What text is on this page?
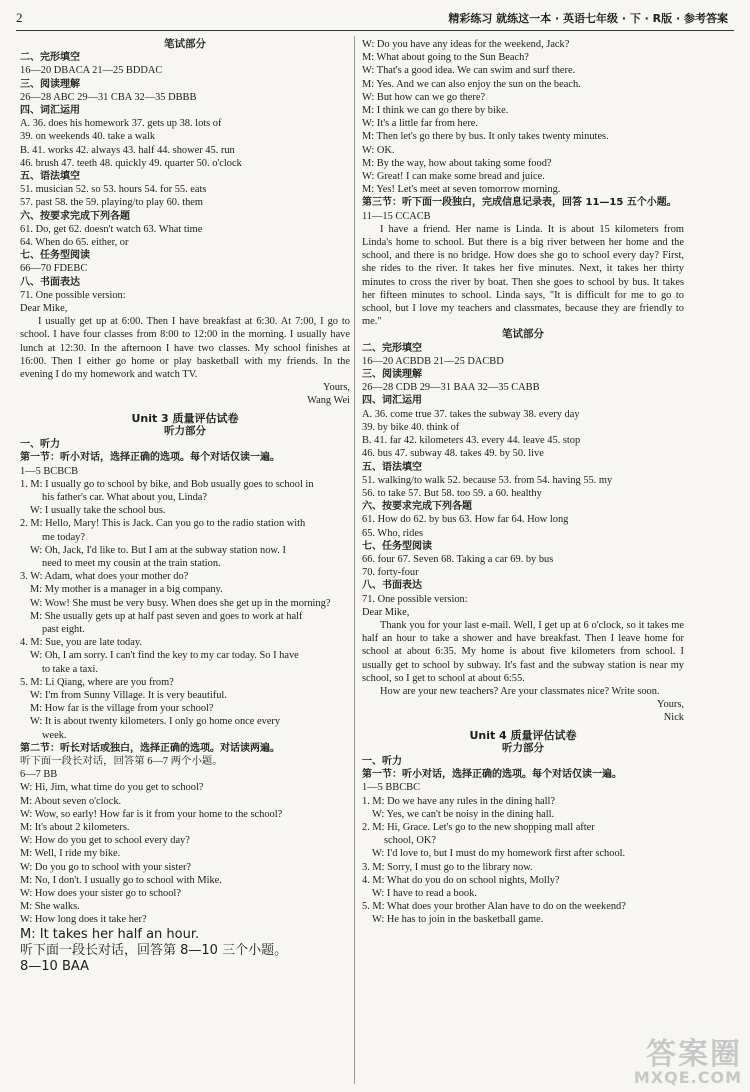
2	精彩练习 就练这一本 · 英语七年级 · 下 · R版 · 参考答案
笔试部分
二、完形填空
16—20 DBACA 21—25 BDDAC
三、阅读理解
26—28 ABC 29—31 CBA 32—35 DBBB
四、词汇运用
A. 36. does his homework 37. gets up 38. lots of
39. on weekends 40. take a walk
B. 41. works 42. always 43. half 44. shower 45. run
46. brush 47. teeth 48. quickly 49. quarter 50. o'clock
五、语法填空
51. musician 52. so 53. hours 54. for 55. eats
57. past 58. the 59. playing/to play 60. them
六、按要求完成下列各题
61. Do, get 62. doesn't watch 63. What time
64. When do 65. either, or
七、任务型阅读
66—70 FDEBC
八、书面表达
71. One possible version:
Dear Mike,
I usually get up at 6:00. Then I have breakfast at 6:30. At 7:00, I go to school. I have four classes from 8:00 to 12:00 in the morning. I usually have lunch at 12:30. In the afternoon I have two classes. My school finishes at 16:00. Then I either go home or play basketball with my friends. In the evening I do my homework and watch TV.
Yours,
Wang Wei
Unit 3 质量评估试卷
听力部分
一、听力
第一节：听小对话，选择正确的选项。每个对话仅读一遍。
1—5 BCBCB
1. M: I usually go to school by bike, and Bob usually goes to school in
his father's car. What about you, Linda?
W: I usually take the school bus.
2. M: Hello, Mary! This is Jack. Can you go to the radio station with
me today?
W: Oh, Jack, I'd like to. But I am at the subway station now. I
need to meet my cousin at the train station.
3. W: Adam, what does your mother do?
M: My mother is a manager in a big company.
W: Wow! She must be very busy. When does she get up in the morning?
M: She usually gets up at half past seven and goes to work at half
past eight.
4. M: Sue, you are late today.
W: Oh, I am sorry. I can't find the key to my car today. So I have
to take a taxi.
5. M: Li Qiang, where are you from?
W: I'm from Sunny Village. It is very beautiful.
M: How far is the village from your school?
W: It is about twenty kilometers. I only go home once every
week.
第二节：听长对话或独白，选择正确的选项。对话读两遍。
听下面一段长对话，回答第 6—7 两个小题。
6—7 BB
W: Hi, Jim, what time do you get to school?
M: About seven o'clock.
W: Wow, so early! How far is it from your home to the school?
M: It's about 2 kilometers.
W: How do you get to school every day?
M: Well, I ride my bike.
W: Do you go to school with your sister?
M: No, I don't. I usually go to school with Mike.
W: How does your sister go to school?
M: She walks.
W: How long does it take her?
M: It takes her half an hour.
听下面一段长对话，回答第 8—10 三个小题。
8—10 BAA
W: Do you have any ideas for the weekend, Jack?
M: What about going to the Sun Beach?
W: That's a good idea. We can swim and surf there.
M: Yes. And we can also enjoy the sun on the beach.
W: But how can we go there?
M: I think we can go there by bike.
W: It's a little far from here.
M: Then let's go there by bus. It only takes twenty minutes.
W: OK.
M: By the way, how about taking some food?
W: Great! I can make some bread and juice.
M: Yes! Let's meet at seven tomorrow morning.
第三节：听下面一段独白，完成信息记录表，回答 11—15 五个小题。
11—15 CCACB
I have a friend. Her name is Linda. It is about 15 kilometers from Linda's home to school. But there is a big river between her home and the school, and there is no bridge. How does she go to school every day? First, she rides to the river. It takes her five minutes. Next, it takes her thirty minutes to cross the river by boat. Then she goes to school by bus. It takes her fifteen minutes to school. Linda says, "It is difficult for me to go to school, but I love my teachers and classmates, because they are friendly to me."
笔试部分
二、完形填空
16—20 ACBDB 21—25 DACBD
三、阅读理解
26—28 CDB 29—31 BAA 32—35 CABB
四、词汇运用
A. 36. come true 37. takes the subway 38. every day
39. by bike 40. think of
B. 41. far 42. kilometers 43. every 44. leave 45. stop
46. bus 47. subway 48. takes 49. by 50. live
五、语法填空
51. walking/to walk 52. because 53. from 54. having 55. my
56. to take 57. But 58. too 59. a 60. healthy
六、按要求完成下列各题
61. How do 62. by bus 63. How far 64. How long
65. Who, rides
七、任务型阅读
66. four 67. Seven 68. Taking a car 69. by bus
70. forty-four
八、书面表达
71. One possible version:
Dear Mike,
Thank you for your last e-mail. Well, I get up at 6 o'clock, so it takes me half an hour to take a shower and have breakfast. Then I leave home for school at about 6:35. My home is about five kilometers from school. I usually get to school by subway. It's fast and the subway station is near my school, so I get to school at about 6:55.
How are your new teachers? Are your classmates nice? Write soon.
Yours,
Nick
Unit 4 质量评估试卷
听力部分
一、听力
第一节：听小对话，选择正确的选项。每个对话仅读一遍。
1—5 BBCBC
1. M: Do we have any rules in the dining hall?
W: Yes, we can't be noisy in the dining hall.
2. M: Hi, Grace. Let's go to the new shopping mall after
school, OK?
W: I'd love to, but I must do my homework first after school.
3. M: Sorry, I must go to the library now.
4. M: What do you do on school nights, Molly?
W: I have to read a book.
5. M: What does your brother Alan have to do on the weekend?
W: He has to join in the basketball game.
答案圈
MXQE.COM
